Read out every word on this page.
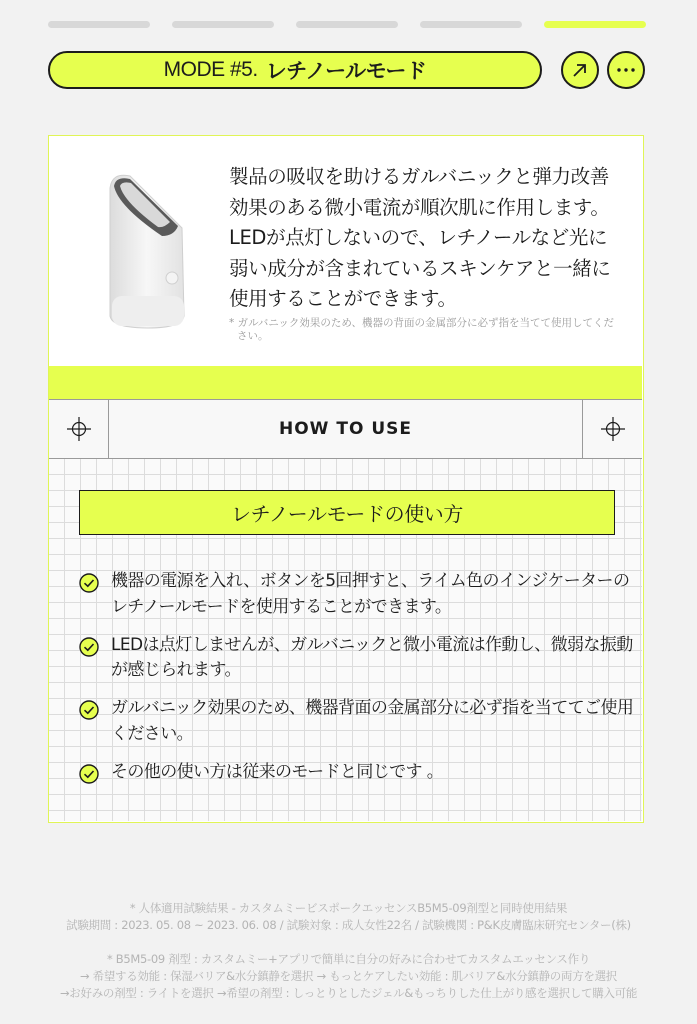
MODE #5. レチノールモード

製品の吸収を助けるガルバニックと弾力改善効果のある微小電流が順次肌に作用します。 LEDが点灯しないので、レチノールなど光に弱い成分が含まれているスキンケアと一緒に使用することができます。

* ガルバニック効果のため、機器の背面の金属部分に必ず指を当てて使用してください。

HOW TO USE
レチノールモードの使い方
機器の電源を入れ、ボタンを5回押すと、ライム色のインジケーターのレチノールモードを使用することができます。
LEDは点灯しませんが、ガルバニックと微小電流は作動し、微弱な振動が感じられます。
ガルバニック効果のため、機器背面の金属部分に必ず指を当ててご使用ください。
その他の使い方は従来のモードと同じです 。
* 人体適用試験結果 - カスタムミービスポークエッセンスB5M5-09剤型と同時使用結果
試験期間 : 2023. 05. 08 ~ 2023. 06. 08 / 試験対象 : 成人女性22名 / 試験機関 : P&K皮膚臨床研究センター(株)
* B5M5-09 剤型 : カスタムミー+アプリで簡単に自分の好みに合わせてカスタムエッセンス作り
→ 希望する効能 : 保湿バリア&水分鎮静を選択 → もっとケアしたい効能 : 肌バリア&水分鎮静の両方を選択
→お好みの剤型 : ライトを選択 →希望の剤型 : しっとりとしたジェル&もっちりした仕上がり感を選択して購入可能
